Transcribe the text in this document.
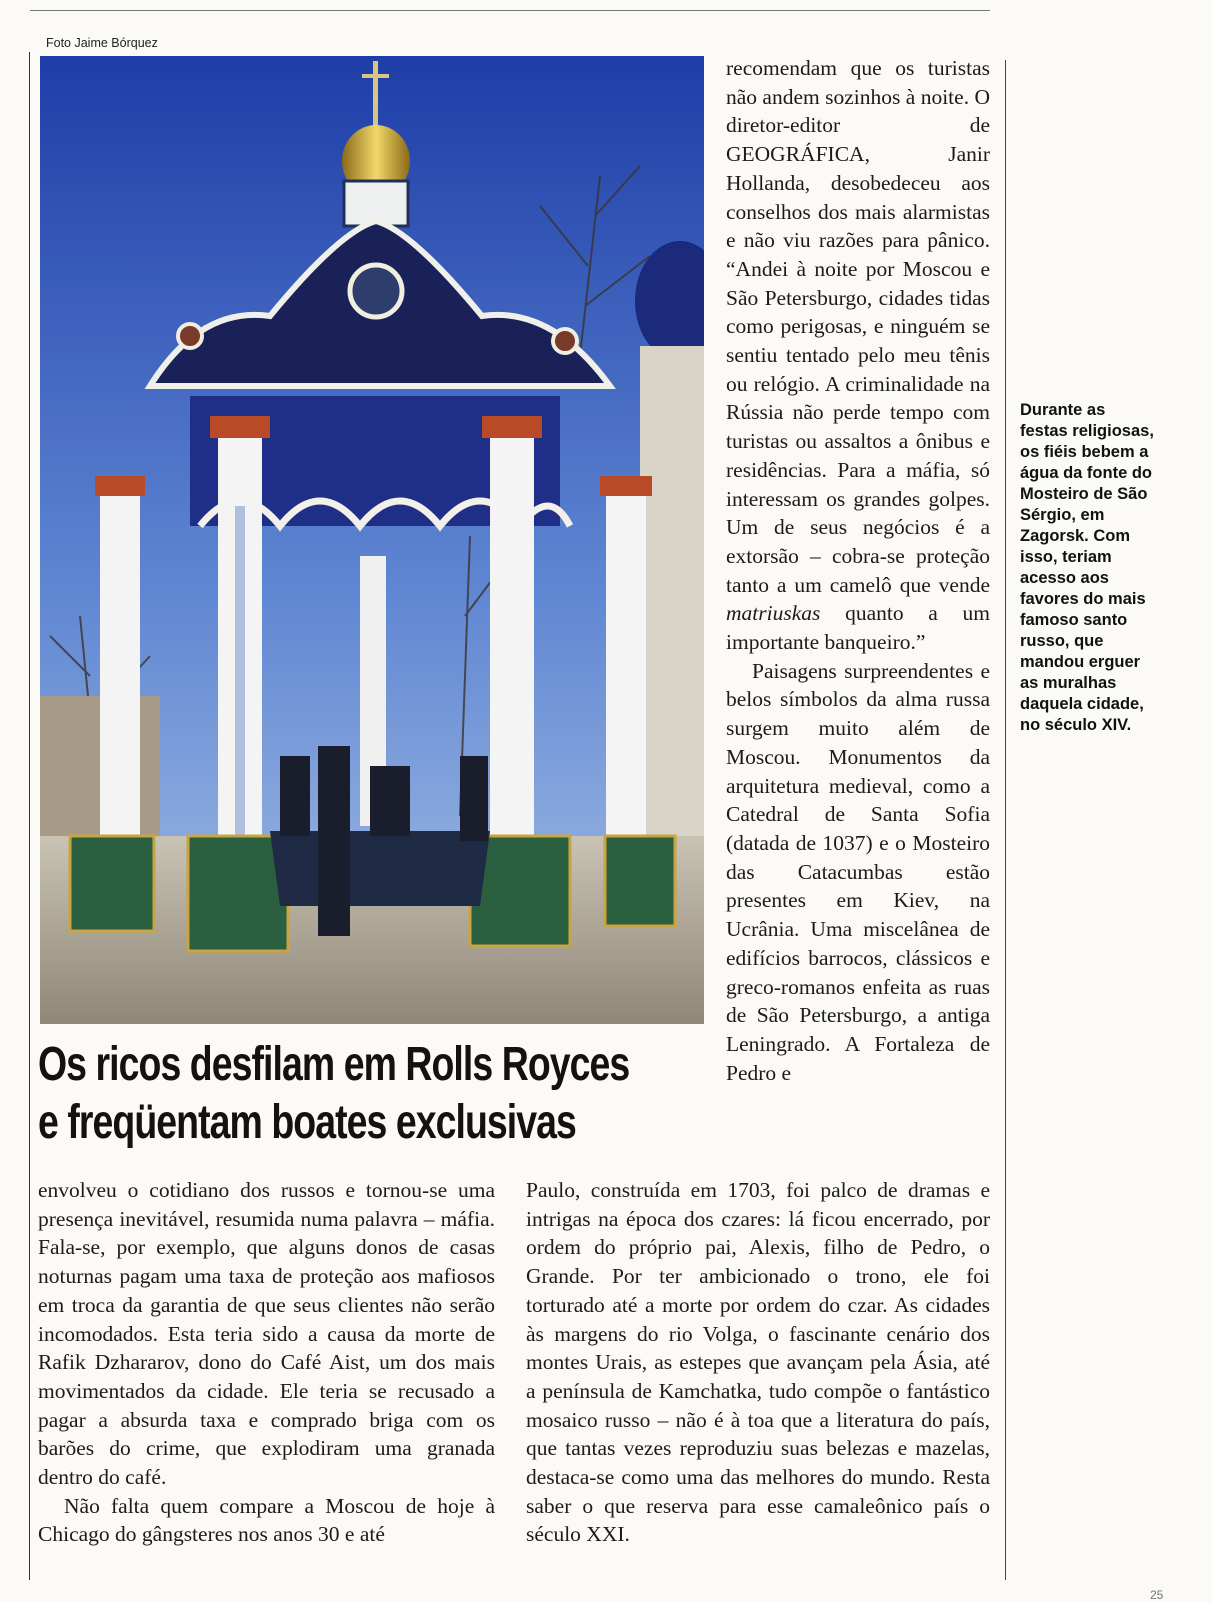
Foto Jaime Bórquez
Os ricos desfilam em Rolls Royces
e freqüentam boates exclusivas

recomendam que os turistas não andem sozinhos à noite. O diretor-editor de GEOGRÁFICA, Janir Hollanda, desobedeceu aos conselhos dos mais alarmistas e não viu razões para pânico. “Andei à noite por Moscou e São Petersburgo, cidades tidas como perigosas, e ninguém se sentiu tentado pelo meu tênis ou relógio. A criminalidade na Rússia não perde tempo com turistas ou assaltos a ônibus e residências. Para a máfia, só interessam os grandes golpes. Um de seus negócios é a extorsão – cobra-se proteção tanto a um camelô que vende matriuskas quanto a um importante banqueiro.”

Paisagens surpreendentes e belos símbolos da alma russa surgem muito além de Moscou. Monumentos da arquitetura medieval, como a Catedral de Santa Sofia (datada de 1037) e o Mosteiro das Catacumbas estão presentes em Kiev, na Ucrânia. Uma miscelânea de edifícios barrocos, clássicos e greco-romanos enfeita as ruas de São Petersburgo, a antiga Leningrado. A Fortaleza de Pedro e

envolveu o cotidiano dos russos e tornou-se uma presença inevitável, resumida numa palavra – máfia. Fala-se, por exemplo, que alguns donos de casas noturnas pagam uma taxa de proteção aos mafiosos em troca da garantia de que seus clientes não serão incomodados. Esta teria sido a causa da morte de Rafik Dzhararov, dono do Café Aist, um dos mais movimentados da cidade. Ele teria se recusado a pagar a absurda taxa e comprado briga com os barões do crime, que explodiram uma granada dentro do café.

Não falta quem compare a Moscou de hoje à Chicago do gângsteres nos anos 30 e até

Paulo, construída em 1703, foi palco de dramas e intrigas na época dos czares: lá ficou encerrado, por ordem do próprio pai, Alexis, filho de Pedro, o Grande. Por ter ambicionado o trono, ele foi torturado até a morte por ordem do czar. As cidades às margens do rio Volga, o fascinante cenário dos montes Urais, as estepes que avançam pela Ásia, até a península de Kamchatka, tudo compõe o fantástico mosaico russo – não é à toa que a literatura do país, que tantas vezes reproduziu suas belezas e mazelas, destaca-se como uma das melhores do mundo. Resta saber o que reserva para esse camaleônico país o século XXI.

Durante as
festas religiosas,
os fiéis bebem a
água da fonte do
Mosteiro de São
Sérgio, em
Zagorsk. Com
isso, teriam
acesso aos
favores do mais
famoso santo
russo, que
mandou erguer
as muralhas
daquela cidade,
no século XIV.

25
